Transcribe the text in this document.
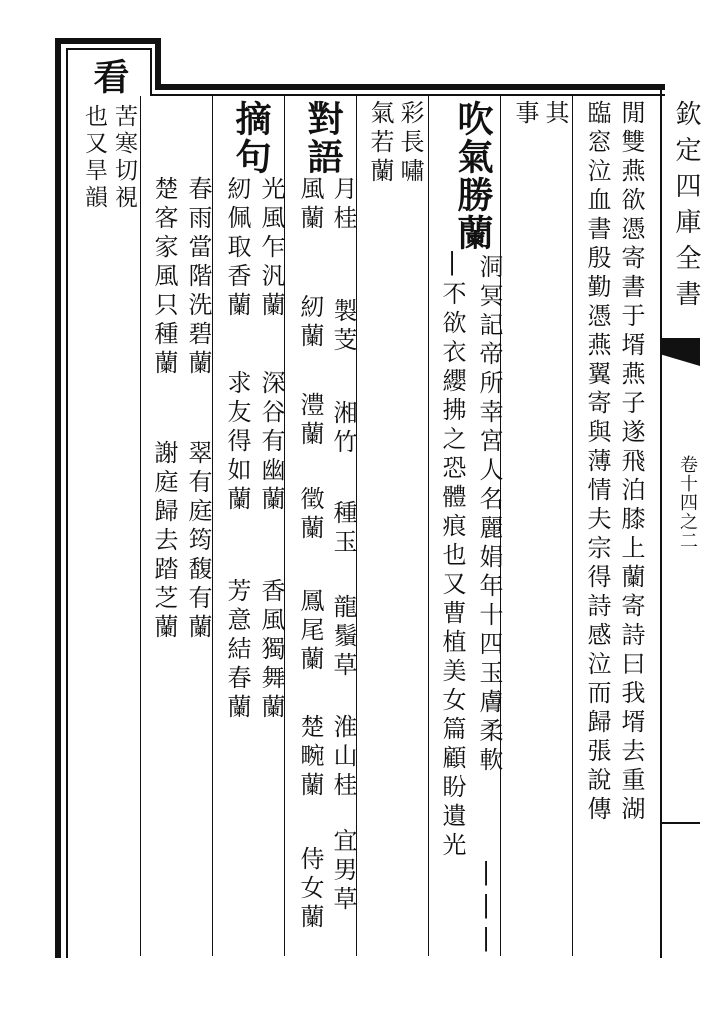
欽定四庫全書
卷十四之二
看
苦寒切視
也又旱韻	閒雙燕欲憑寄書于壻燕子遂飛泊膝上蘭寄詩曰我壻去重湖
臨窓泣血書殷勤憑燕翼寄與薄情夫宗得詩感泣而歸張說傳
其
事
吹氣勝蘭
洞冥記帝所幸宮人名麗娟年十四玉膚柔軟
|||
|不欲衣纓拂之恐體痕也又曹植美女篇顧盼遺光
彩長嘯
氣若蘭
對語
月桂
製芰
湘竹
種玉
龍鬚草
淮山桂
宜男草
風蘭
紉蘭
澧蘭
徵蘭
鳳尾蘭
楚畹蘭
侍女蘭
摘句
光風乍汎蘭
深谷有幽蘭
香風獨舞蘭
紉佩取香蘭
求友得如蘭
芳意結春蘭
春雨當階洗碧蘭
翠有庭筠馥有蘭
楚客家風只種蘭
謝庭歸去踏芝蘭
